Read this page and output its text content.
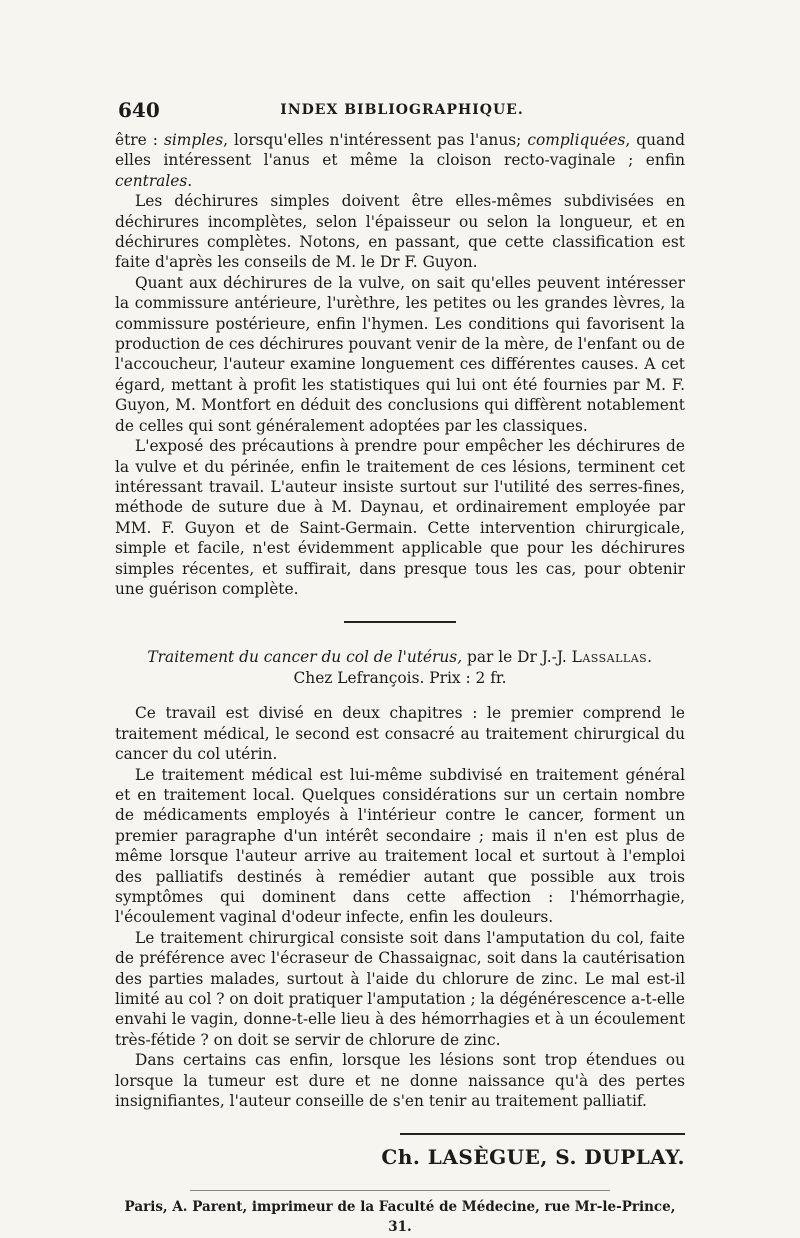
640	INDEX BIBLIOGRAPHIQUE.

être : simples, lorsqu'elles n'intéressent pas l'anus; compliquées, quand elles intéressent l'anus et même la cloison recto-vaginale ; enfin centrales.

Les déchirures simples doivent être elles-mêmes subdivisées en déchirures incomplètes, selon l'épaisseur ou selon la longueur, et en déchirures complètes. Notons, en passant, que cette classification est faite d'après les conseils de M. le Dr F. Guyon.

Quant aux déchirures de la vulve, on sait qu'elles peuvent intéresser la commissure antérieure, l'urèthre, les petites ou les grandes lèvres, la commissure postérieure, enfin l'hymen. Les conditions qui favorisent la production de ces déchirures pouvant venir de la mère, de l'enfant ou de l'accoucheur, l'auteur examine longuement ces différentes causes. A cet égard, mettant à profit les statistiques qui lui ont été fournies par M. F. Guyon, M. Montfort en déduit des conclusions qui diffèrent notablement de celles qui sont généralement adoptées par les classiques.

L'exposé des précautions à prendre pour empêcher les déchirures de la vulve et du périnée, enfin le traitement de ces lésions, terminent cet intéressant travail. L'auteur insiste surtout sur l'utilité des serres-fines, méthode de suture due à M. Daynau, et ordinairement employée par MM. F. Guyon et de Saint-Germain. Cette intervention chirurgicale, simple et facile, n'est évidemment applicable que pour les déchirures simples récentes, et suffirait, dans presque tous les cas, pour obtenir une guérison complète.

Traitement du cancer du col de l'utérus, par le Dr J.-J. Lassallas.
Chez Lefrançois. Prix : 2 fr.

Ce travail est divisé en deux chapitres : le premier comprend le traitement médical, le second est consacré au traitement chirurgical du cancer du col utérin.

Le traitement médical est lui-même subdivisé en traitement général et en traitement local. Quelques considérations sur un certain nombre de médicaments employés à l'intérieur contre le cancer, forment un premier paragraphe d'un intérêt secondaire ; mais il n'en est plus de même lorsque l'auteur arrive au traitement local et surtout à l'emploi des palliatifs destinés à remédier autant que possible aux trois symptômes qui dominent dans cette affection : l'hémorrhagie, l'écoulement vaginal d'odeur infecte, enfin les douleurs.

Le traitement chirurgical consiste soit dans l'amputation du col, faite de préférence avec l'écraseur de Chassaignac, soit dans la cautérisation des parties malades, surtout à l'aide du chlorure de zinc. Le mal est-il limité au col ? on doit pratiquer l'amputation ; la dégénérescence a-t-elle envahi le vagin, donne-t-elle lieu à des hémorrhagies et à un écoulement très-fétide ? on doit se servir de chlorure de zinc.

Dans certains cas enfin, lorsque les lésions sont trop étendues ou lorsque la tumeur est dure et ne donne naissance qu'à des pertes insignifiantes, l'auteur conseille de s'en tenir au traitement palliatif.

Ch. LASÈGUE, S. DUPLAY.
Paris, A. Parent, imprimeur de la Faculté de Médecine, rue Mr-le-Prince, 31.
